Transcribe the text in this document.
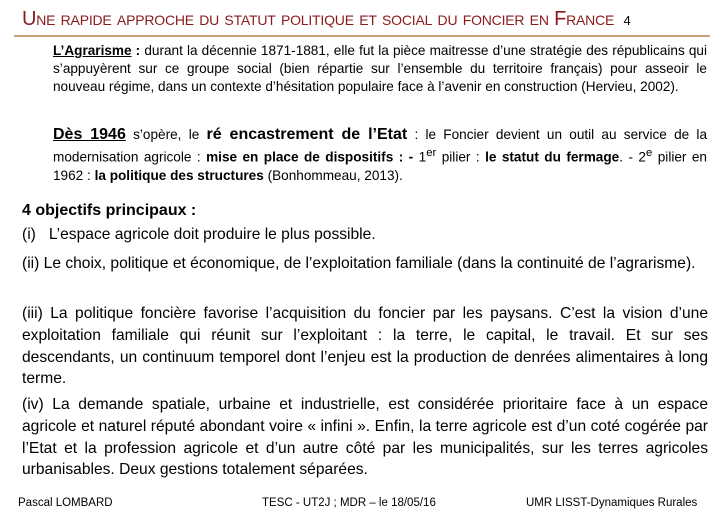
Une rapide approche du statut politique et social du foncier en France 4
L’Agrarisme : durant la décennie 1871-1881, elle fut la pièce maitresse d’une stratégie des républicains qui s’appuyèrent sur ce groupe social (bien répartie sur l’ensemble du territoire français) pour asseoir le nouveau régime, dans un contexte d’hésitation populaire face à l’avenir en construction (Hervieu, 2002).
Dès 1946 s’opère, le ré encastrement de l’Etat : le Foncier devient un outil au service de la modernisation agricole : mise en place de dispositifs : - 1er pilier : le statut du fermage. - 2e pilier en 1962 : la politique des structures (Bonhommeau, 2013).
4 objectifs principaux :
(i)   L’espace agricole doit produire le plus possible.
(ii) Le choix, politique et économique, de l’exploitation familiale (dans la continuité de l’agrarisme).
(iii) La politique foncière favorise l’acquisition du foncier par les paysans. C’est la vision d’une exploitation familiale qui réunit sur l’exploitant : la terre, le capital, le travail. Et sur ses descendants, un continuum temporel dont l’enjeu est la production de denrées alimentaires à long terme.
(iv) La demande spatiale, urbaine et industrielle, est considérée prioritaire face à un espace agricole et naturel réputé abondant voire « infini ». Enfin, la terre agricole est d’un coté cogérée par l’Etat et la profession agricole et d’un autre côté par les municipalités, sur les terres agricoles urbanisables. Deux gestions totalement séparées.
Pascal LOMBARD	TESC - UT2J ; MDR – le 18/05/16	UMR LISST-Dynamiques Rurales
